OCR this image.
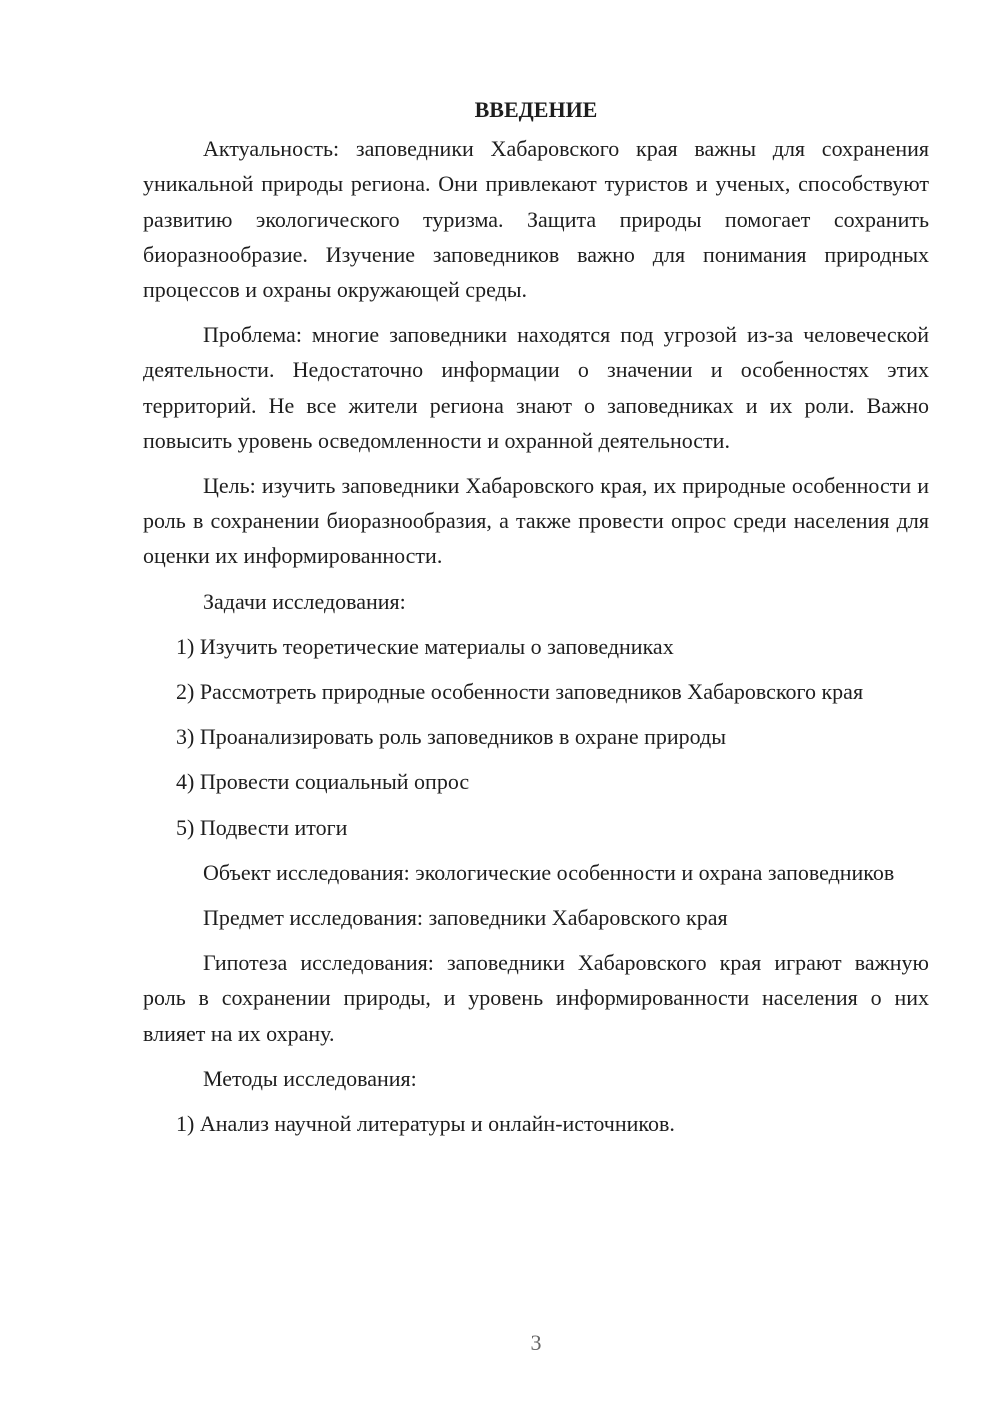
ВВЕДЕНИЕ

Актуальность: заповедники Хабаровского края важны для сохранения уникальной природы региона. Они привлекают туристов и ученых, способствуют развитию экологического туризма. Защита природы помогает сохранить биоразнообразие. Изучение заповедников важно для понимания природных процессов и охраны окружающей среды.

Проблема: многие заповедники находятся под угрозой из-за человеческой деятельности. Недостаточно информации о значении и особенностях этих территорий. Не все жители региона знают о заповедниках и их роли. Важно повысить уровень осведомленности и охранной деятельности.

Цель: изучить заповедники Хабаровского края, их природные особенности и роль в сохранении биоразнообразия, а также провести опрос среди населения для оценки их информированности.

Задачи исследования:

1) Изучить теоретические материалы о заповедниках

2) Рассмотреть природные особенности заповедников Хабаровского края

3) Проанализировать роль заповедников в охране природы

4) Провести социальный опрос

5) Подвести итоги

Объект исследования: экологические особенности и охрана заповедников

Предмет исследования: заповедники Хабаровского края

Гипотеза исследования: заповедники Хабаровского края играют важную роль в сохранении природы, и уровень информированности населения о них влияет на их охрану.

Методы исследования:

1) Анализ научной литературы и онлайн-источников.

3
